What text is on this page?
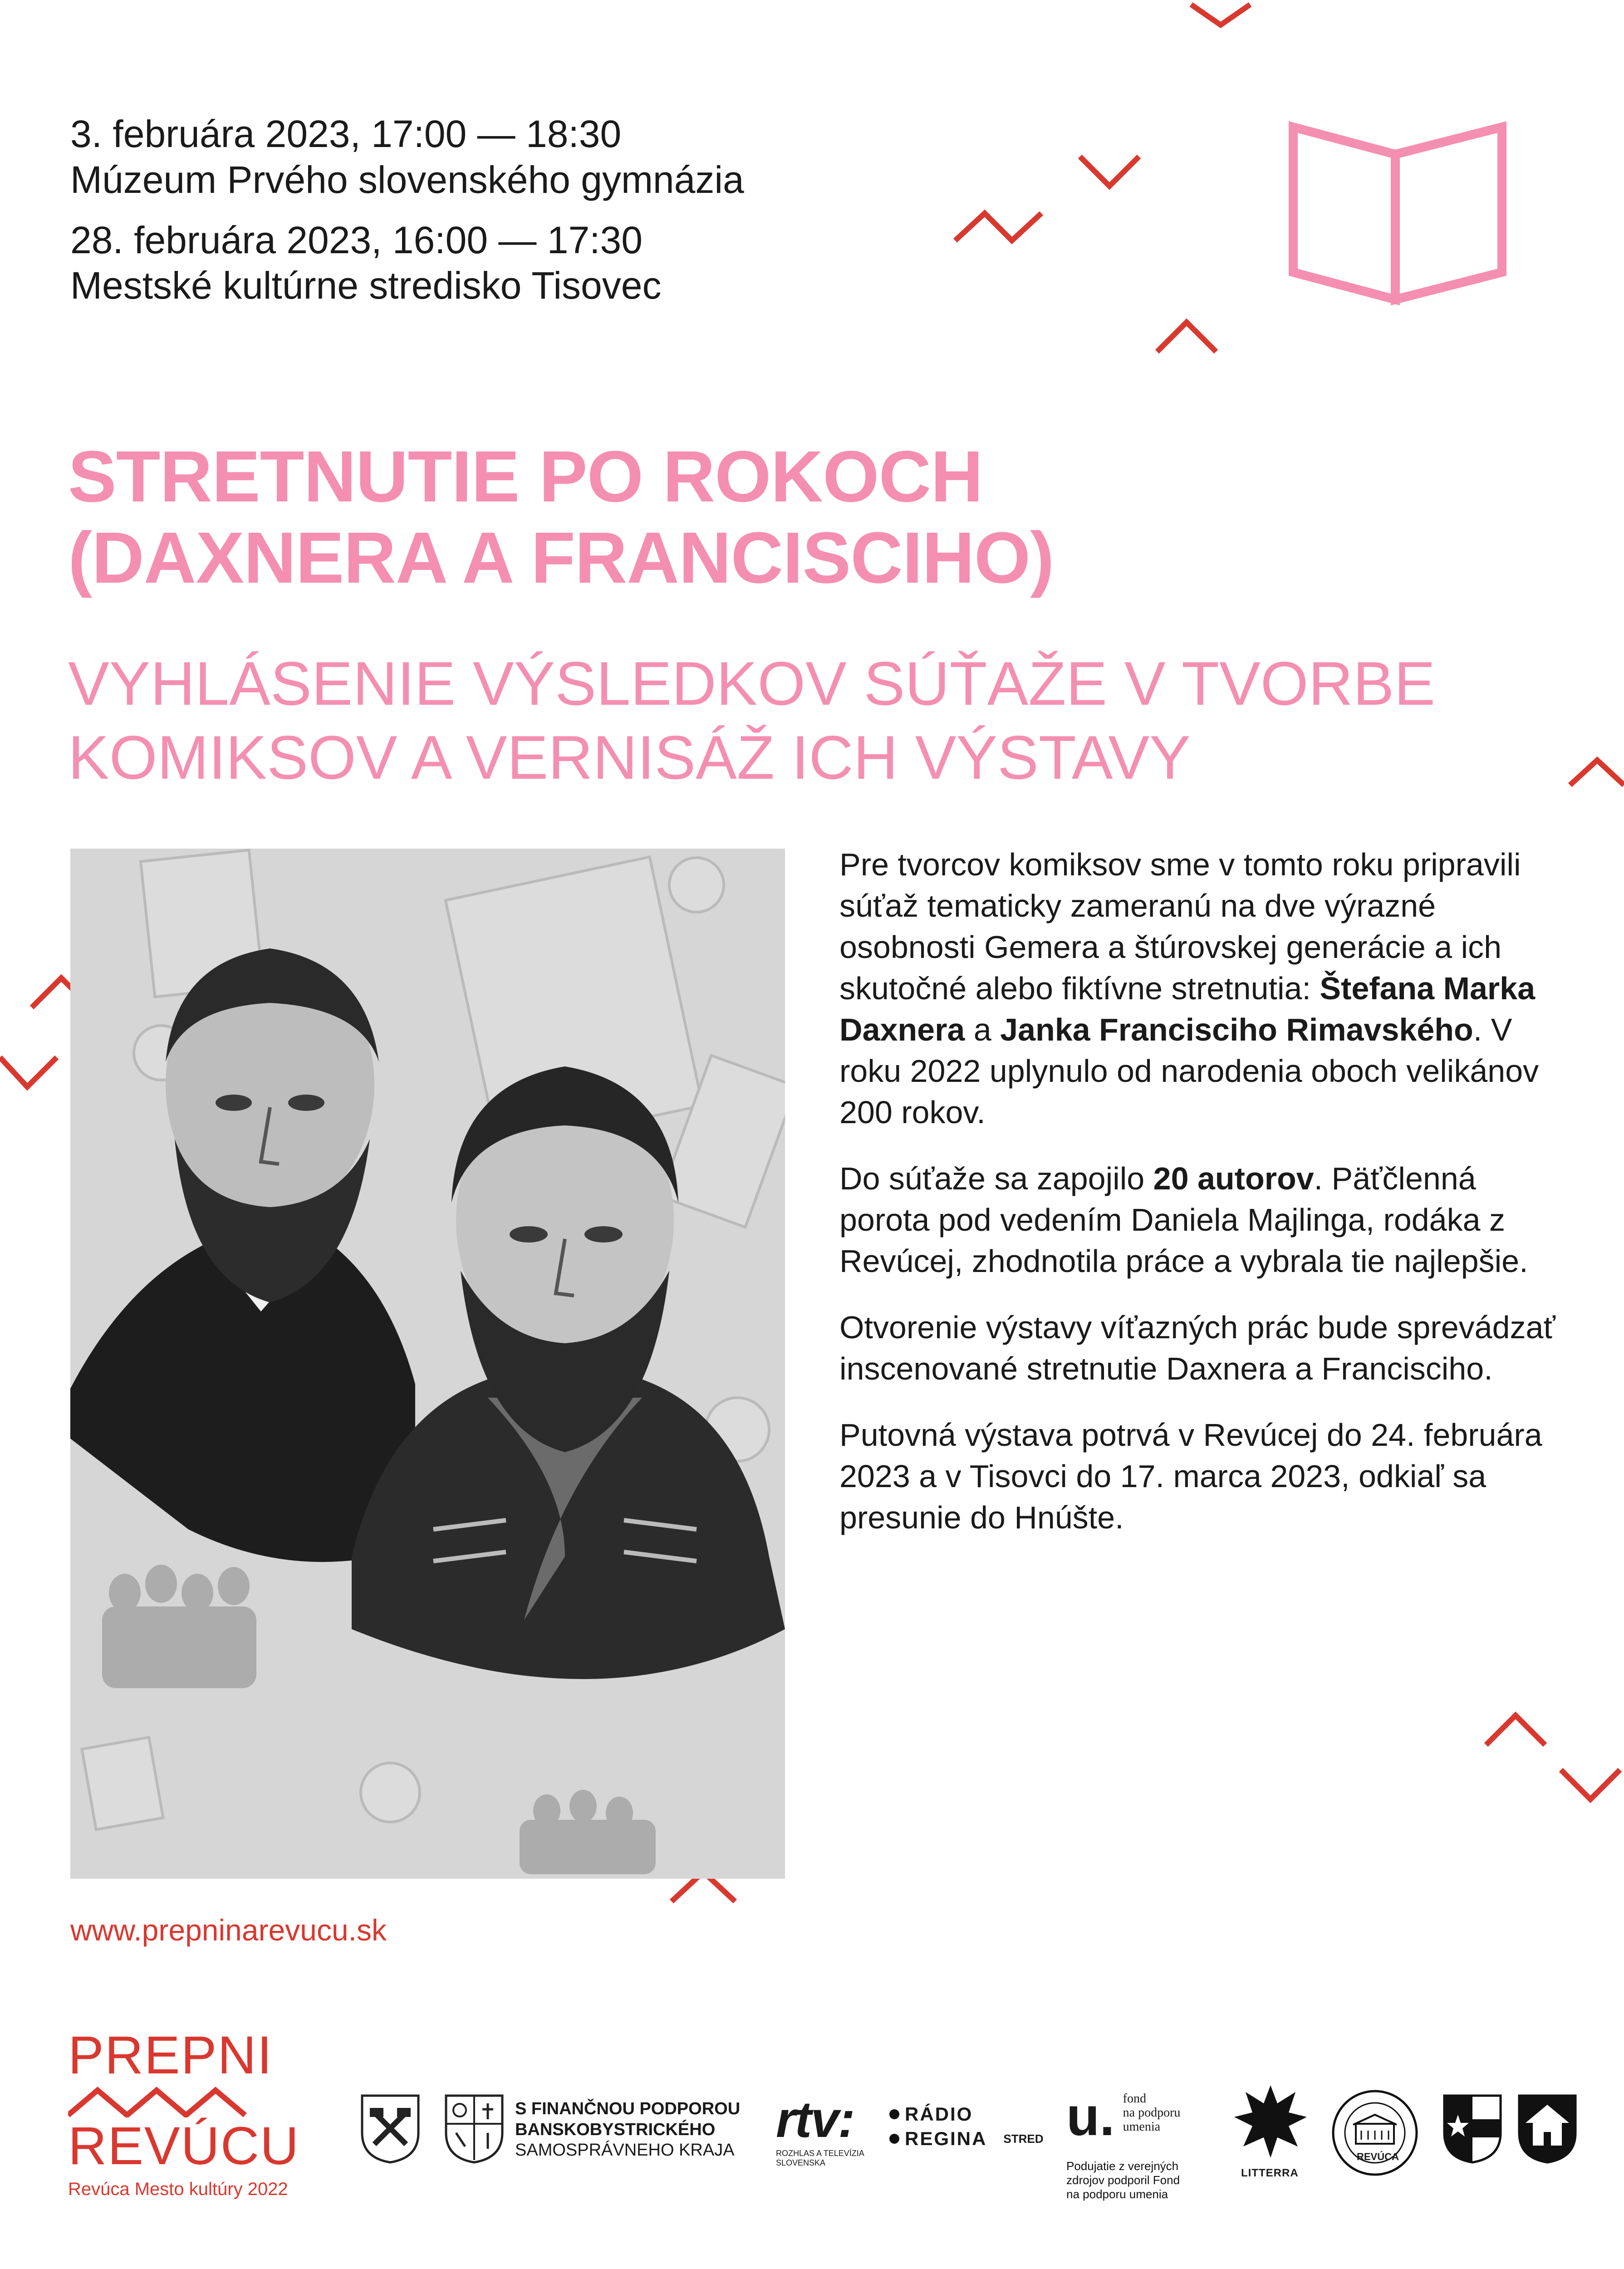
3. februára 2023, 17:00 — 18:30
Múzeum Prvého slovenského gymnázia
28. februára 2023, 16:00 — 17:30
Mestské kultúrne stredisko Tisovec
STRETNUTIE PO ROKOCH
(DAXNERA A FRANCISCIHO)
VYHLÁSENIE VÝSLEDKOV SÚŤAŽE V TVORBE
KOMIKSOV A VERNISÁŽ ICH VÝSTAVY

Pre tvorcov komiksov sme v tomto roku pripravili súťaž tematicky zameranú na dve výrazné osobnosti Gemera a štúrovskej generácie a ich skutočné alebo fiktívne stretnutia: Štefana Marka Daxnera a Janka Francisciho Rimavského. V roku 2022 uplynulo od narodenia oboch velikánov 200 rokov.

Do súťaže sa zapojilo 20 autorov. Päťčlenná porota pod vedením Daniela Majlinga, rodáka z Revúcej, zhodnotila práce a vybrala tie najlepšie.

Otvorenie výstavy víťazných prác bude sprevádzať inscenované stretnutie Daxnera a Francisciho.

Putovná výstava potrvá v Revúcej do 24. februára 2023 a v Tisovci do 17. marca 2023, odkiaľ sa presunie do Hnúšte.

www.prepninarevucu.sk
PREPNI
REVÚCU
Revúca Mesto kultúry 2022
S FINANČNOU PODPOROU
BANSKOBYSTRICKÉHO
SAMOSPRÁVNEHO KRAJA
rtv:
ROZHLAS A TELEVÍZIA SLOVENSKA
RÁDIO
REGINA STRED u. fond
na podporu
umenia
Podujatie z verejných zdrojov podporil Fond na podporu umenia
LITTERRA
REVÚCA
